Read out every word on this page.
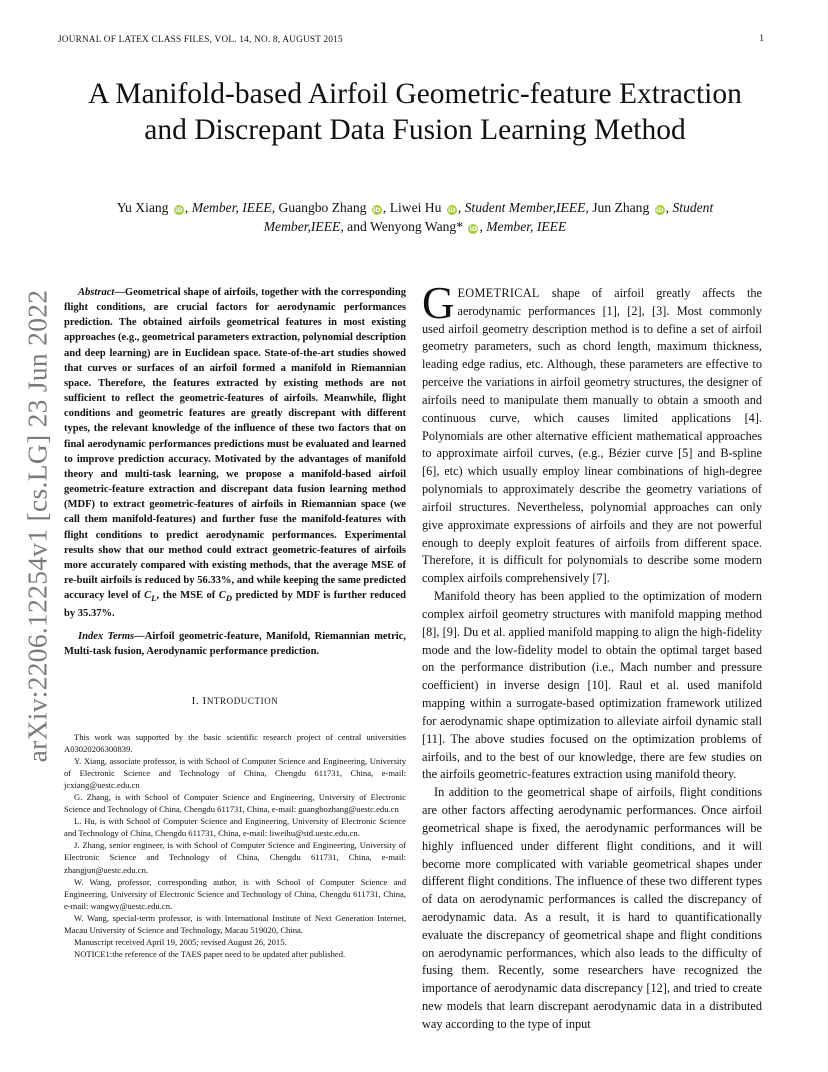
JOURNAL OF LATEX CLASS FILES, VOL. 14, NO. 8, AUGUST 2015	1
arXiv:2206.12254v1 [cs.LG] 23 Jun 2022
A Manifold-based Airfoil Geometric-feature Extraction and Discrepant Data Fusion Learning Method
Yu Xiang iD , Member, IEEE, Guangbo Zhang iD , Liwei Hu iD , Student Member,IEEE, Jun Zhang iD , Student Member,IEEE, and Wenyong Wang* iD , Member, IEEE
Abstract—Geometrical shape of airfoils, together with the corresponding flight conditions, are crucial factors for aerodynamic performances prediction. The obtained airfoils geometrical features in most existing approaches (e.g., geometrical parameters extraction, polynomial description and deep learning) are in Euclidean space. State-of-the-art studies showed that curves or surfaces of an airfoil formed a manifold in Riemannian space. Therefore, the features extracted by existing methods are not sufficient to reflect the geometric-features of airfoils. Meanwhile, flight conditions and geometric features are greatly discrepant with different types, the relevant knowledge of the influence of these two factors that on final aerodynamic performances predictions must be evaluated and learned to improve prediction accuracy. Motivated by the advantages of manifold theory and multi-task learning, we propose a manifold-based airfoil geometric-feature extraction and discrepant data fusion learning method (MDF) to extract geometric-features of airfoils in Riemannian space (we call them manifold-features) and further fuse the manifold-features with flight conditions to predict aerodynamic performances. Experimental results show that our method could extract geometric-features of airfoils more accurately compared with existing methods, that the average MSE of re-built airfoils is reduced by 56.33%, and while keeping the same predicted accuracy level of $C_L$, the MSE of $C_D$ predicted by MDF is further reduced by 35.37%.
Index Terms—Airfoil geometric-feature, Manifold, Riemannian metric, Multi-task fusion, Aerodynamic performance prediction.
I. INTRODUCTION

This work was supported by the basic scientific research project of central universities A03020206300839.

Y. Xiang, associate professor, is with School of Computer Science and Engineering, University of Electronic Science and Technology of China, Chengdu 611731, China, e-mail: jcxiang@uestc.edu.cn

G. Zhang, is with School of Computer Science and Engineering, University of Electronic Science and Technology of China, Chengdu 611731, China, e-mail: guangbozhang@uestc.edu.cn

L. Hu, is with School of Computer Science and Engineering, University of Electronic Science and Technology of China, Chengdu 611731, China, e-mail: liweihu@std.uestc.edu.cn.

J. Zhang, senior engineer, is with School of Computer Science and Engineering, University of Electronic Science and Technology of China, Chengdu 611731, China, e-mail: zhangjun@uestc.edu.cn.

W. Wang, professor, corresponding author, is with School of Computer Science and Engineering, University of Electronic Science and Technology of China, Chengdu 611731, China, e-mail: wangwy@uestc.edu.cn.

W. Wang, special-term professor, is with International Institute of Next Generation Internet, Macau University of Science and Technology, Macau 519020, China.

Manuscript received April 19, 2005; revised August 26, 2015.

NOTICE1:the reference of the TAES paper need to be updated after published.

GEOMETRICAL shape of airfoil greatly affects the aerodynamic performances [1], [2], [3]. Most commonly used airfoil geometry description method is to define a set of airfoil geometry parameters, such as chord length, maximum thickness, leading edge radius, etc. Although, these parameters are effective to perceive the variations in airfoil geometry structures, the designer of airfoils need to manipulate them manually to obtain a smooth and continuous curve, which causes limited applications [4]. Polynomials are other alternative efficient mathematical approaches to approximate airfoil curves, (e.g., Bézier curve [5] and B-spline [6], etc) which usually employ linear combinations of high-degree polynomials to approximately describe the geometry variations of airfoil structures. Nevertheless, polynomial approaches can only give approximate expressions of airfoils and they are not powerful enough to deeply exploit features of airfoils from different space. Therefore, it is difficult for polynomials to describe some modern complex airfoils comprehensively [7].

Manifold theory has been applied to the optimization of modern complex airfoil geometry structures with manifold mapping method [8], [9]. Du et al. applied manifold mapping to align the high-fidelity mode and the low-fidelity model to obtain the optimal target based on the performance distribution (i.e., Mach number and pressure coefficient) in inverse design [10]. Raul et al. used manifold mapping within a surrogate-based optimization framework utilized for aerodynamic shape optimization to alleviate airfoil dynamic stall [11]. The above studies focused on the optimization problems of airfoils, and to the best of our knowledge, there are few studies on the airfoils geometric-features extraction using manifold theory.

In addition to the geometrical shape of airfoils, flight conditions are other factors affecting aerodynamic performances. Once airfoil geometrical shape is fixed, the aerodynamic performances will be highly influenced under different flight conditions, and it will become more complicated with variable geometrical shapes under different flight conditions. The influence of these two different types of data on aerodynamic performances is called the discrepancy of aerodynamic data. As a result, it is hard to quantificationally evaluate the discrepancy of geometrical shape and flight conditions on aerodynamic performances, which also leads to the difficulty of fusing them. Recently, some researchers have recognized the importance of aerodynamic data discrepancy [12], and tried to create new models that learn discrepant aerodynamic data in a distributed way according to the type of input
